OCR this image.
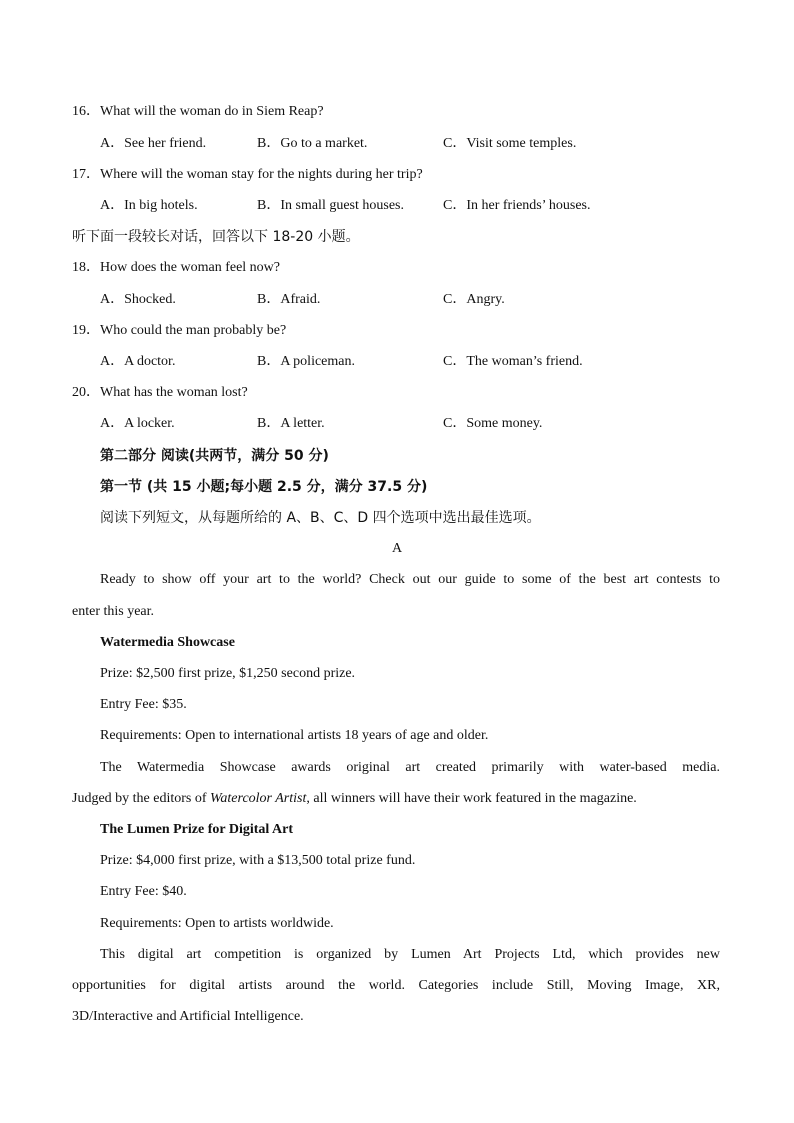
16．What will the woman do in Siem Reap?
A．See her friend.	B．Go to a market.	C．Visit some temples.
17．Where will the woman stay for the nights during her trip?
A．In big hotels.	B．In small guest houses.	C．In her friends’ houses.
听下面一段较长对话，回答以下 18-20 小题。
18．How does the woman feel now?
A．Shocked.	B．Afraid.	C．Angry.
19．Who could the man probably be?
A．A doctor.	B．A policeman.	C．The woman’s friend.
20．What has the woman lost?
A．A locker.	B．A letter.	C．Some money.
第二部分 阅读(共两节，满分 50 分)
第一节 (共 15 小题;每小题 2.5 分，满分 37.5 分)
阅读下列短文，从每题所给的 A、B、C、D 四个选项中选出最佳选项。
A
Ready to show off your art to the world? Check out our guide to some of the best art contests to
enter this year.
Watermedia Showcase
Prize: $2,500 first prize, $1,250 second prize.
Entry Fee: $35.
Requirements: Open to international artists 18 years of age and older.
The Watermedia Showcase awards original art created primarily with water-based media.
Judged by the editors of Watercolor Artist, all winners will have their work featured in the magazine.
The Lumen Prize for Digital Art
Prize: $4,000 first prize, with a $13,500 total prize fund.
Entry Fee: $40.
Requirements: Open to artists worldwide.
This digital art competition is organized by Lumen Art Projects Ltd, which provides new
opportunities for digital artists around the world. Categories include Still, Moving Image, XR,
3D/Interactive and Artificial Intelligence.
